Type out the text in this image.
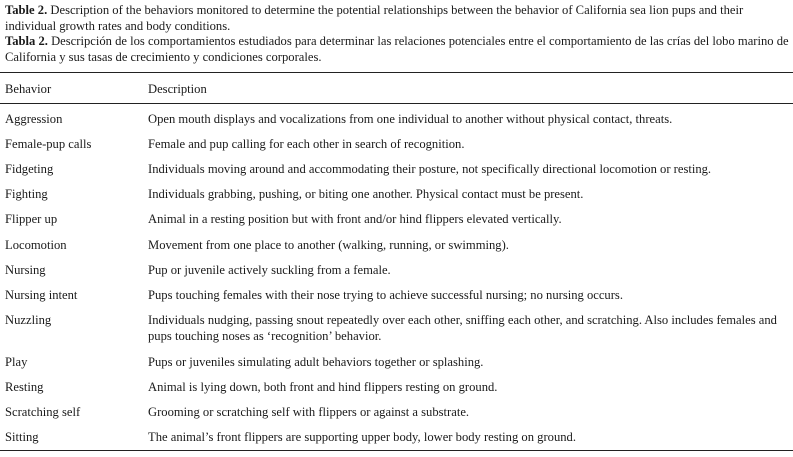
Table 2. Description of the behaviors monitored to determine the potential relationships between the behavior of California sea lion pups and their individual growth rates and body conditions.

Tabla 2. Descripción de los comportamientos estudiados para determinar las relaciones potenciales entre el comportamiento de las crías del lobo marino de California y sus tasas de crecimiento y condiciones corporales.

Behavior	Description
Aggression	Open mouth displays and vocalizations from one individual to another without physical contact, threats.
Female-pup calls	Female and pup calling for each other in search of recognition.
Fidgeting	Individuals moving around and accommodating their posture, not specifically directional locomotion or resting.
Fighting	Individuals grabbing, pushing, or biting one another. Physical contact must be present.
Flipper up	Animal in a resting position but with front and/or hind flippers elevated vertically.
Locomotion	Movement from one place to another (walking, running, or swimming).
Nursing	Pup or juvenile actively suckling from a female.
Nursing intent	Pups touching females with their nose trying to achieve successful nursing; no nursing occurs.
Nuzzling	Individuals nudging, passing snout repeatedly over each other, sniffing each other, and scratching. Also includes females and pups touching noses as ‘recognition’ behavior.
Play	Pups or juveniles simulating adult behaviors together or splashing.
Resting	Animal is lying down, both front and hind flippers resting on ground.
Scratching self	Grooming or scratching self with flippers or against a substrate.
Sitting	The animal’s front flippers are supporting upper body, lower body resting on ground.
